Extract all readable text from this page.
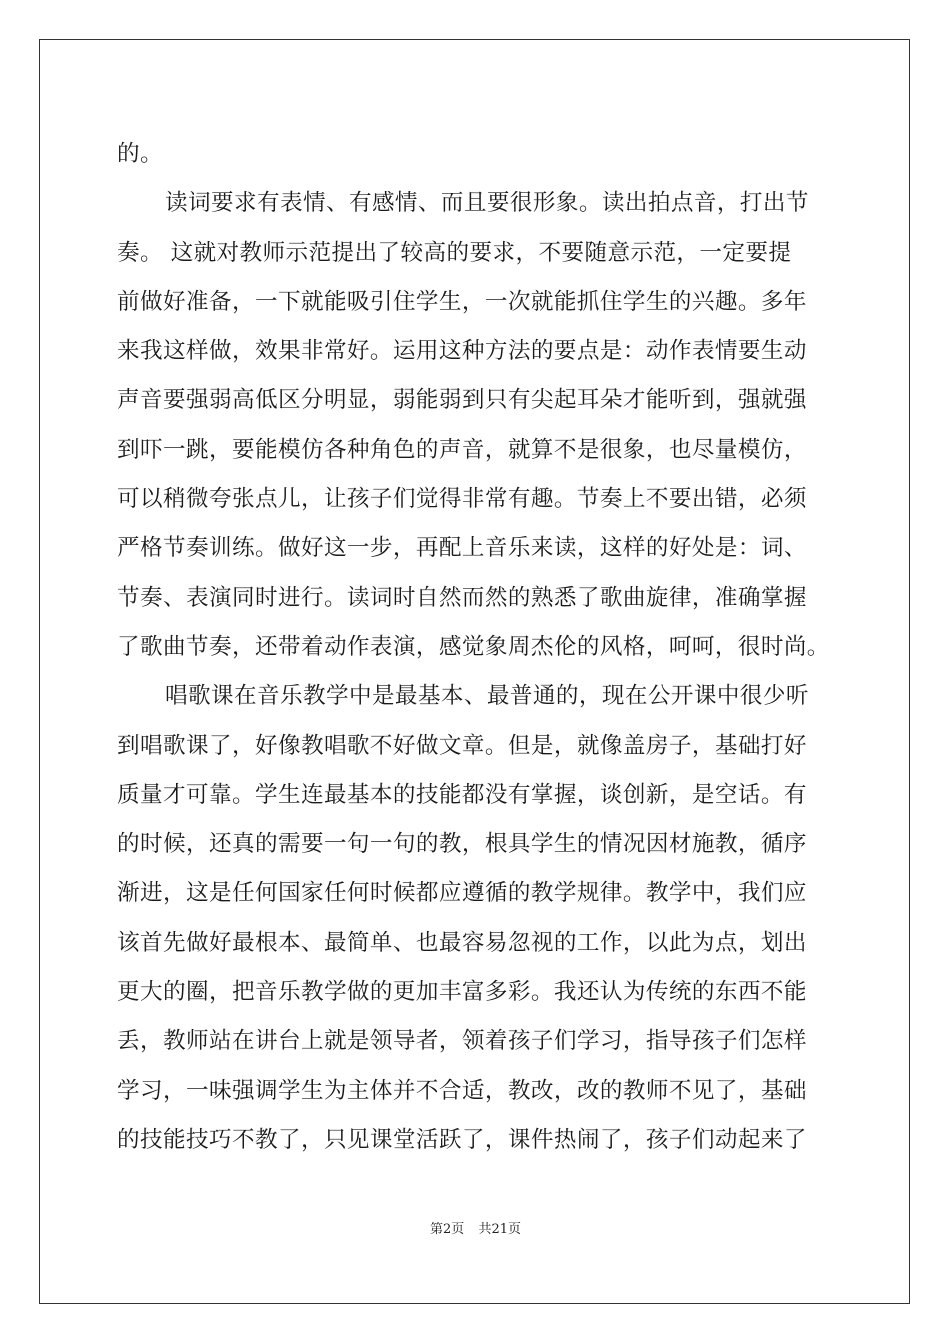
的。
读词要求有表情、有感情、而且要很形象。读出拍点音，打出节
奏。 这就对教师示范提出了较高的要求，不要随意示范，一定要提
前做好准备，一下就能吸引住学生，一次就能抓住学生的兴趣。多年
来我这样做，效果非常好。运用这种方法的要点是：动作表情要生动
声音要强弱高低区分明显，弱能弱到只有尖起耳朵才能听到，强就强
到吓一跳，要能模仿各种角色的声音，就算不是很象，也尽量模仿，
可以稍微夸张点儿，让孩子们觉得非常有趣。节奏上不要出错，必须
严格节奏训练。做好这一步，再配上音乐来读，这样的好处是：词、
节奏、表演同时进行。读词时自然而然的熟悉了歌曲旋律，准确掌握
了歌曲节奏，还带着动作表演，感觉象周杰伦的风格，呵呵，很时尚。
唱歌课在音乐教学中是最基本、最普通的，现在公开课中很少听
到唱歌课了，好像教唱歌不好做文章。但是，就像盖房子，基础打好
质量才可靠。学生连最基本的技能都没有掌握，谈创新，是空话。有
的时候，还真的需要一句一句的教，根具学生的情况因材施教，循序
渐进，这是任何国家任何时候都应遵循的教学规律。教学中，我们应
该首先做好最根本、最简单、也最容易忽视的工作，以此为点，划出
更大的圈，把音乐教学做的更加丰富多彩。我还认为传统的东西不能
丢，教师站在讲台上就是领导者，领着孩子们学习，指导孩子们怎样
学习，一味强调学生为主体并不合适，教改，改的教师不见了，基础
的技能技巧不教了，只见课堂活跃了，课件热闹了，孩子们动起来了
第2页 共21页
